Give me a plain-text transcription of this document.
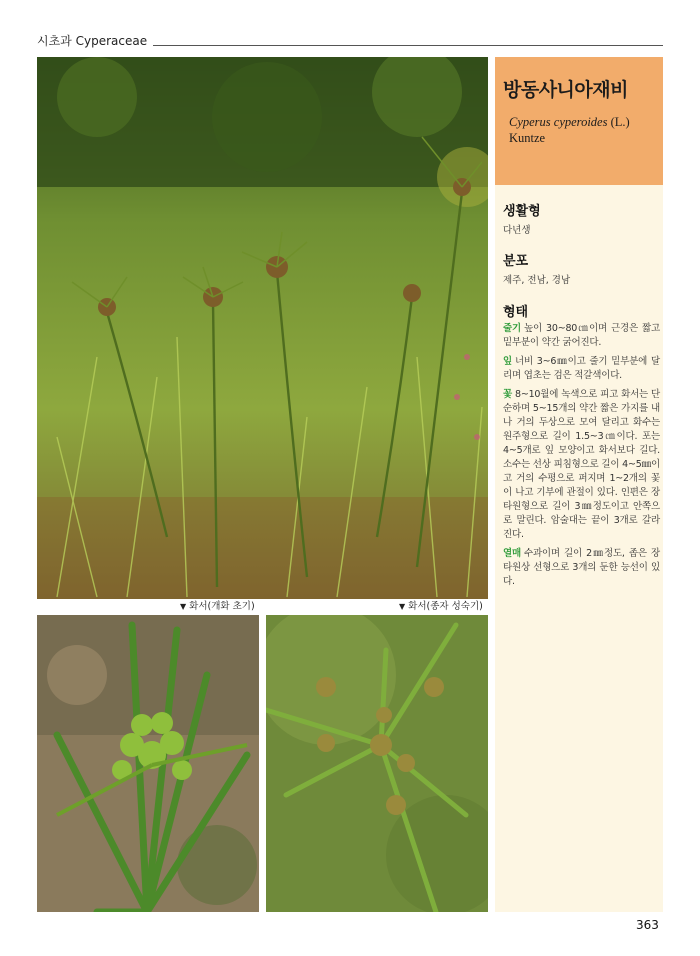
시초과 Cyperaceae
▼ 화서(개화 초기)	▼ 화서(종자 성숙기)
방동사니아재비
Cyperus cyperoides (L.)
Kuntze
생활형
다년생
분포
제주, 전남, 경남
형태

줄기 높이 30~80㎝이며 근경은 짧고 밑부분이 약간 굵어진다.

잎 너비 3~6㎜이고 줄기 밑부분에 달리며 엽초는 검은 적갈색이다.

꽃 8~10월에 녹색으로 피고 화서는 단순하며 5~15개의 약간 짧은 가지를 내나 거의 두상으로 모여 달리고 화수는 원주형으로 길이 1.5~3㎝이다. 포는 4~5개로 잎 모양이고 화서보다 길다. 소수는 선상 피침형으로 길이 4~5㎜이고 거의 수평으로 퍼지며 1~2개의 꽃이 나고 기부에 관절이 있다. 인편은 장타원형으로 길이 3㎜정도이고 안쪽으로 말린다. 암술대는 끝이 3개로 갈라진다.

열매 수과이며 길이 2㎜정도, 좁은 장타원상 선형으로 3개의 둔한 능선이 있다.

363
